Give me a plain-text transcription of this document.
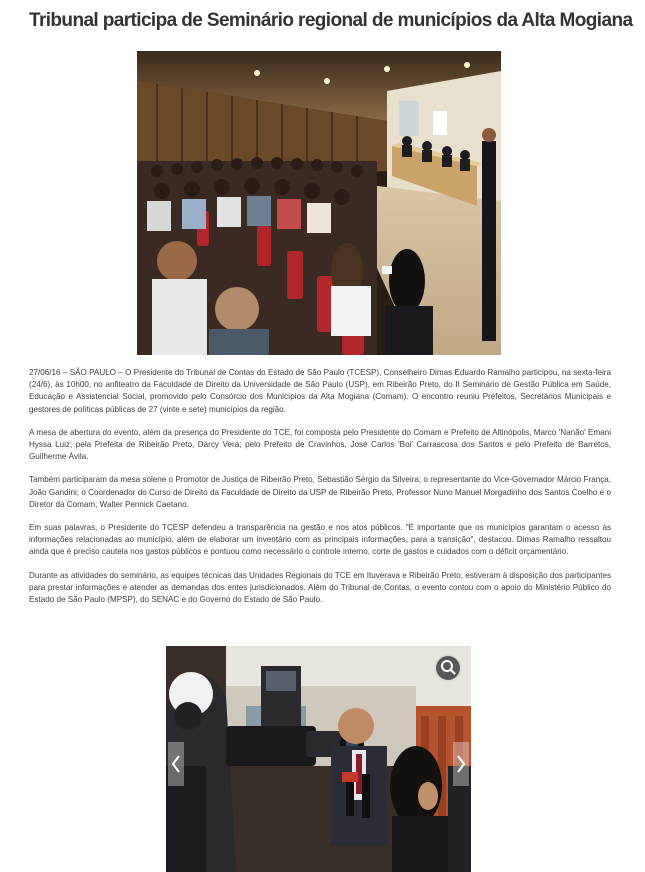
Tribunal participa de Seminário regional de municípios da Alta Mogiana

27/06/16 – SÃO PAULO – O Presidente do Tribunal de Contas do Estado de São Paulo (TCESP), Conselheiro Dimas Eduardo Ramalho participou, na sexta-feira (24/6), às 10h00, no anfiteatro da Faculdade de Direito da Universidade de São Paulo (USP), em Ribeirão Preto, do II Seminário de Gestão Pública em Saúde, Educação e Assistencial Social, promovido pelo Consórcio dos Municípios da Alta Mogiana (Comam). O encontro reuniu Prefeitos, Secretários Municipais e gestores de políticas públicas de 27 (vinte e sete) municípios da região.

A mesa de abertura do evento, além da presença do Presidente do TCE, foi composta pelo Presidente do Comam e Prefeito de Altinópolis, Marco 'Nanão' Emani Hyssa Luiz; pela Prefeita de Ribeirão Preto, Dárcy Vera; pelo Prefeito de Cravinhos, José Carlos 'Boi' Carrascosa dos Santos e pelo Prefeito de Barretos, Guilherme Ávila.

Também participaram da mesa solene o Promotor de Justiça de Ribeirão Preto, Sebastião Sérgio da Silveira; o representante do Vice-Governador Márcio França, João Gandini; o Coordenador do Curso de Direito da Faculdade de Direito da USP de Ribeirão Preto, Professor Nuno Manuel Morgadinho dos Santos Coelho e o Diretor da Comam, Walter Pennick Caetano.

Em suas palavras, o Presidente do TCESP defendeu a transparência na gestão e nos atos públicos. "É importante que os municípios garantam o acesso às informações relacionadas ao município, além de elaborar um inventário com as principais informações, para a transição", destacou. Dimas Ramalho ressaltou ainda que é preciso cautela nos gastos públicos e pontuou como necessário o controle interno, corte de gastos e cuidados com o déficit orçamentário.

Durante as atividades do seminário, as equipes técnicas das Unidades Regionais do TCE em Ituverava e Ribeirão Preto, estiveram à disposição dos participantes para prestar informações e atender as demandas dos entes jurisdicionados. Além do Tribunal de Contas, o evento contou com o apoio do Ministério Público do Estado de São Paulo (MPSP), do SENAC e do Governo do Estado de São Paulo.
